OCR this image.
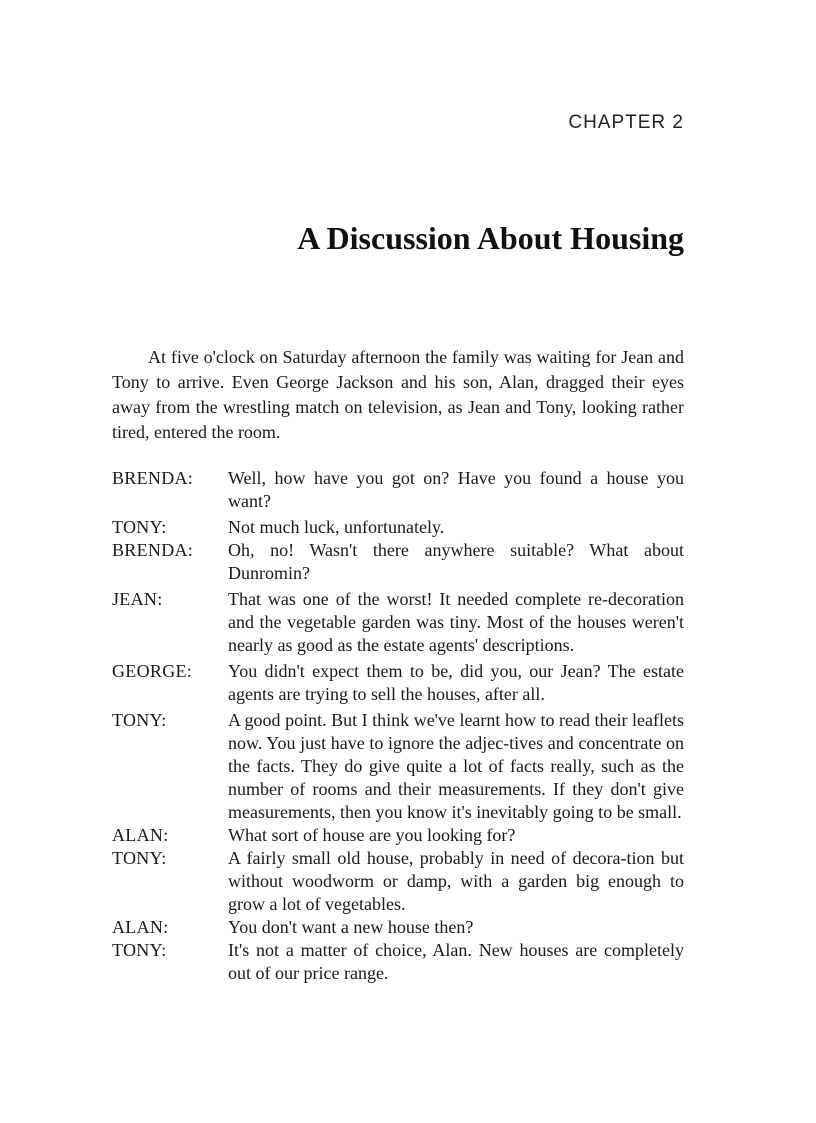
CHAPTER 2
A Discussion About Housing

At five o'clock on Saturday afternoon the family was waiting for Jean and Tony to arrive. Even George Jackson and his son, Alan, dragged their eyes away from the wrestling match on television, as Jean and Tony, looking rather tired, entered the room.

BRENDA:	Well, how have you got on? Have you found a house you want?
TONY:	Not much luck, unfortunately.
BRENDA:	Oh, no! Wasn't there anywhere suitable? What about Dunromin?
JEAN:	That was one of the worst! It needed complete re-decoration and the vegetable garden was tiny. Most of the houses weren't nearly as good as the estate agents' descriptions.
GEORGE:	You didn't expect them to be, did you, our Jean? The estate agents are trying to sell the houses, after all.
TONY:	A good point. But I think we've learnt how to read their leaflets now. You just have to ignore the adjec-tives and concentrate on the facts. They do give quite a lot of facts really, such as the number of rooms and their measurements. If they don't give measurements, then you know it's inevitably going to be small.
ALAN:	What sort of house are you looking for?
TONY:	A fairly small old house, probably in need of decora-tion but without woodworm or damp, with a garden big enough to grow a lot of vegetables.
ALAN:	You don't want a new house then?
TONY:	It's not a matter of choice, Alan. New houses are completely out of our price range.
